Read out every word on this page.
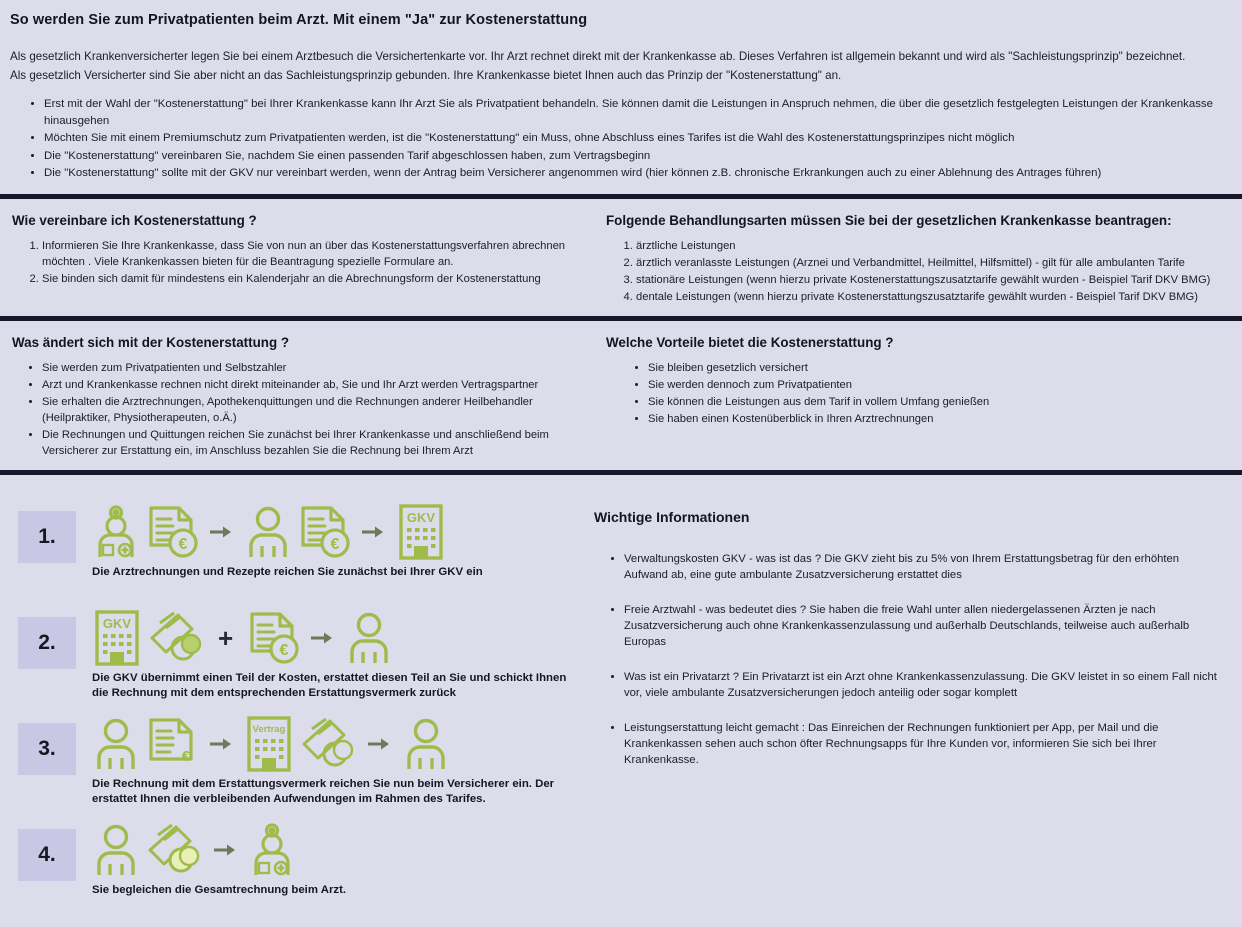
So werden Sie zum Privatpatienten beim Arzt. Mit einem "Ja" zur Kostenerstattung

Als gesetzlich Krankenversicherter legen Sie bei einem Arztbesuch die Versichertenkarte vor. Ihr Arzt rechnet direkt mit der Krankenkasse ab. Dieses Verfahren ist allgemein bekannt und wird als "Sachleistungsprinzip" bezeichnet.

Als gesetzlich Versicherter sind Sie aber nicht an das Sachleistungsprinzip gebunden. Ihre Krankenkasse bietet Ihnen auch das Prinzip der "Kostenerstattung" an.

• Erst mit der Wahl der "Kostenerstattung" bei Ihrer Krankenkasse kann Ihr Arzt Sie als Privatpatient behandeln. Sie können damit die Leistungen in Anspruch nehmen, die über die gesetzlich festgelegten Leistungen der Krankenkasse hinausgehen
• Möchten Sie mit einem Premiumschutz zum Privatpatienten werden, ist die "Kostenerstattung" ein Muss, ohne Abschluss eines Tarifes ist die Wahl des Kostenerstattungsprinzipes nicht möglich
• Die "Kostenerstattung" vereinbaren Sie, nachdem Sie einen passenden Tarif abgeschlossen haben, zum Vertragsbeginn
• Die "Kostenerstattung" sollte mit der GKV nur vereinbart werden, wenn der Antrag beim Versicherer angenommen wird (hier können z.B. chronische Erkrankungen auch zu einer Ablehnung des Antrages führen)
Wie vereinbare ich Kostenerstattung ?
1. Informieren Sie Ihre Krankenkasse, dass Sie von nun an über das Kostenerstattungsverfahren abrechnen möchten . Viele Krankenkassen bieten für die Beantragung spezielle Formulare an.
2. Sie binden sich damit für mindestens ein Kalenderjahr an die Abrechnungsform der Kostenerstattung
Folgende Behandlungsarten müssen Sie bei der gesetzlichen Krankenkasse beantragen:
1. ärztliche Leistungen
2. ärztlich veranlasste Leistungen (Arznei und Verbandmittel, Heilmittel, Hilfsmittel) - gilt für alle ambulanten Tarife
3. stationäre Leistungen (wenn hierzu private Kostenerstattungszusatztarife gewählt wurden - Beispiel Tarif DKV BMG)
4. dentale Leistungen (wenn hierzu private Kostenerstattungszusatztarife gewählt wurden - Beispiel Tarif DKV BMG)
Was ändert sich mit der Kostenerstattung ?
• Sie werden zum Privatpatienten und Selbstzahler
• Arzt und Krankenkasse rechnen nicht direkt miteinander ab, Sie und Ihr Arzt werden Vertragspartner
• Sie erhalten die Arztrechnungen, Apothekenquittungen und die Rechnungen anderer Heilbehandler (Heilpraktiker, Physiotherapeuten, o.Ä.)
• Die Rechnungen und Quittungen reichen Sie zunächst bei Ihrer Krankenkasse und anschließend beim Versicherer zur Erstattung ein, im Anschluss bezahlen Sie die Rechnung bei Ihrem Arzt
Welche Vorteile bietet die Kostenerstattung ?
• Sie bleiben gesetzlich versichert
• Sie werden dennoch zum Privatpatienten
• Sie können die Leistungen aus dem Tarif in vollem Umfang genießen
• Sie haben einen Kostenüberblick in Ihren Arztrechnungen
1.	€	€
GKV
Die Arztrechnungen und Rezepte reichen Sie zunächst bei Ihrer GKV ein
2.
GKV	+	€
Die GKV übernimmt einen Teil der Kosten, erstattet diesen Teil an Sie und schickt Ihnen die Rechnung mit dem entsprechenden Erstattungsvermerk zurück
3.	€
Vertrag
Die Rechnung mit dem Erstattungsvermerk reichen Sie nun beim Versicherer ein. Der erstattet Ihnen die verbleibenden Aufwendungen im Rahmen des Tarifes.
4.
Sie begleichen die Gesamtrechnung beim Arzt.
Wichtige Informationen
• Verwaltungskosten GKV - was ist das ? Die GKV zieht bis zu 5% von Ihrem Erstattungsbetrag für den erhöhten Aufwand ab, eine gute ambulante Zusatzversicherung erstattet dies
• Freie Arztwahl - was bedeutet dies ? Sie haben die freie Wahl unter allen niedergelassenen Ärzten je nach Zusatzversicherung auch ohne Krankenkassenzulassung und außerhalb Deutschlands, teilweise auch außerhalb Europas
• Was ist ein Privatarzt ? Ein Privatarzt ist ein Arzt ohne Krankenkassenzulassung. Die GKV leistet in so einem Fall nicht vor, viele ambulante Zusatzversicherungen jedoch anteilig oder sogar komplett
• Leistungserstattung leicht gemacht : Das Einreichen der Rechnungen funktioniert per App, per Mail und die Krankenkassen sehen auch schon öfter Rechnungsapps für Ihre Kunden vor, informieren Sie sich bei Ihrer Krankenkasse.
